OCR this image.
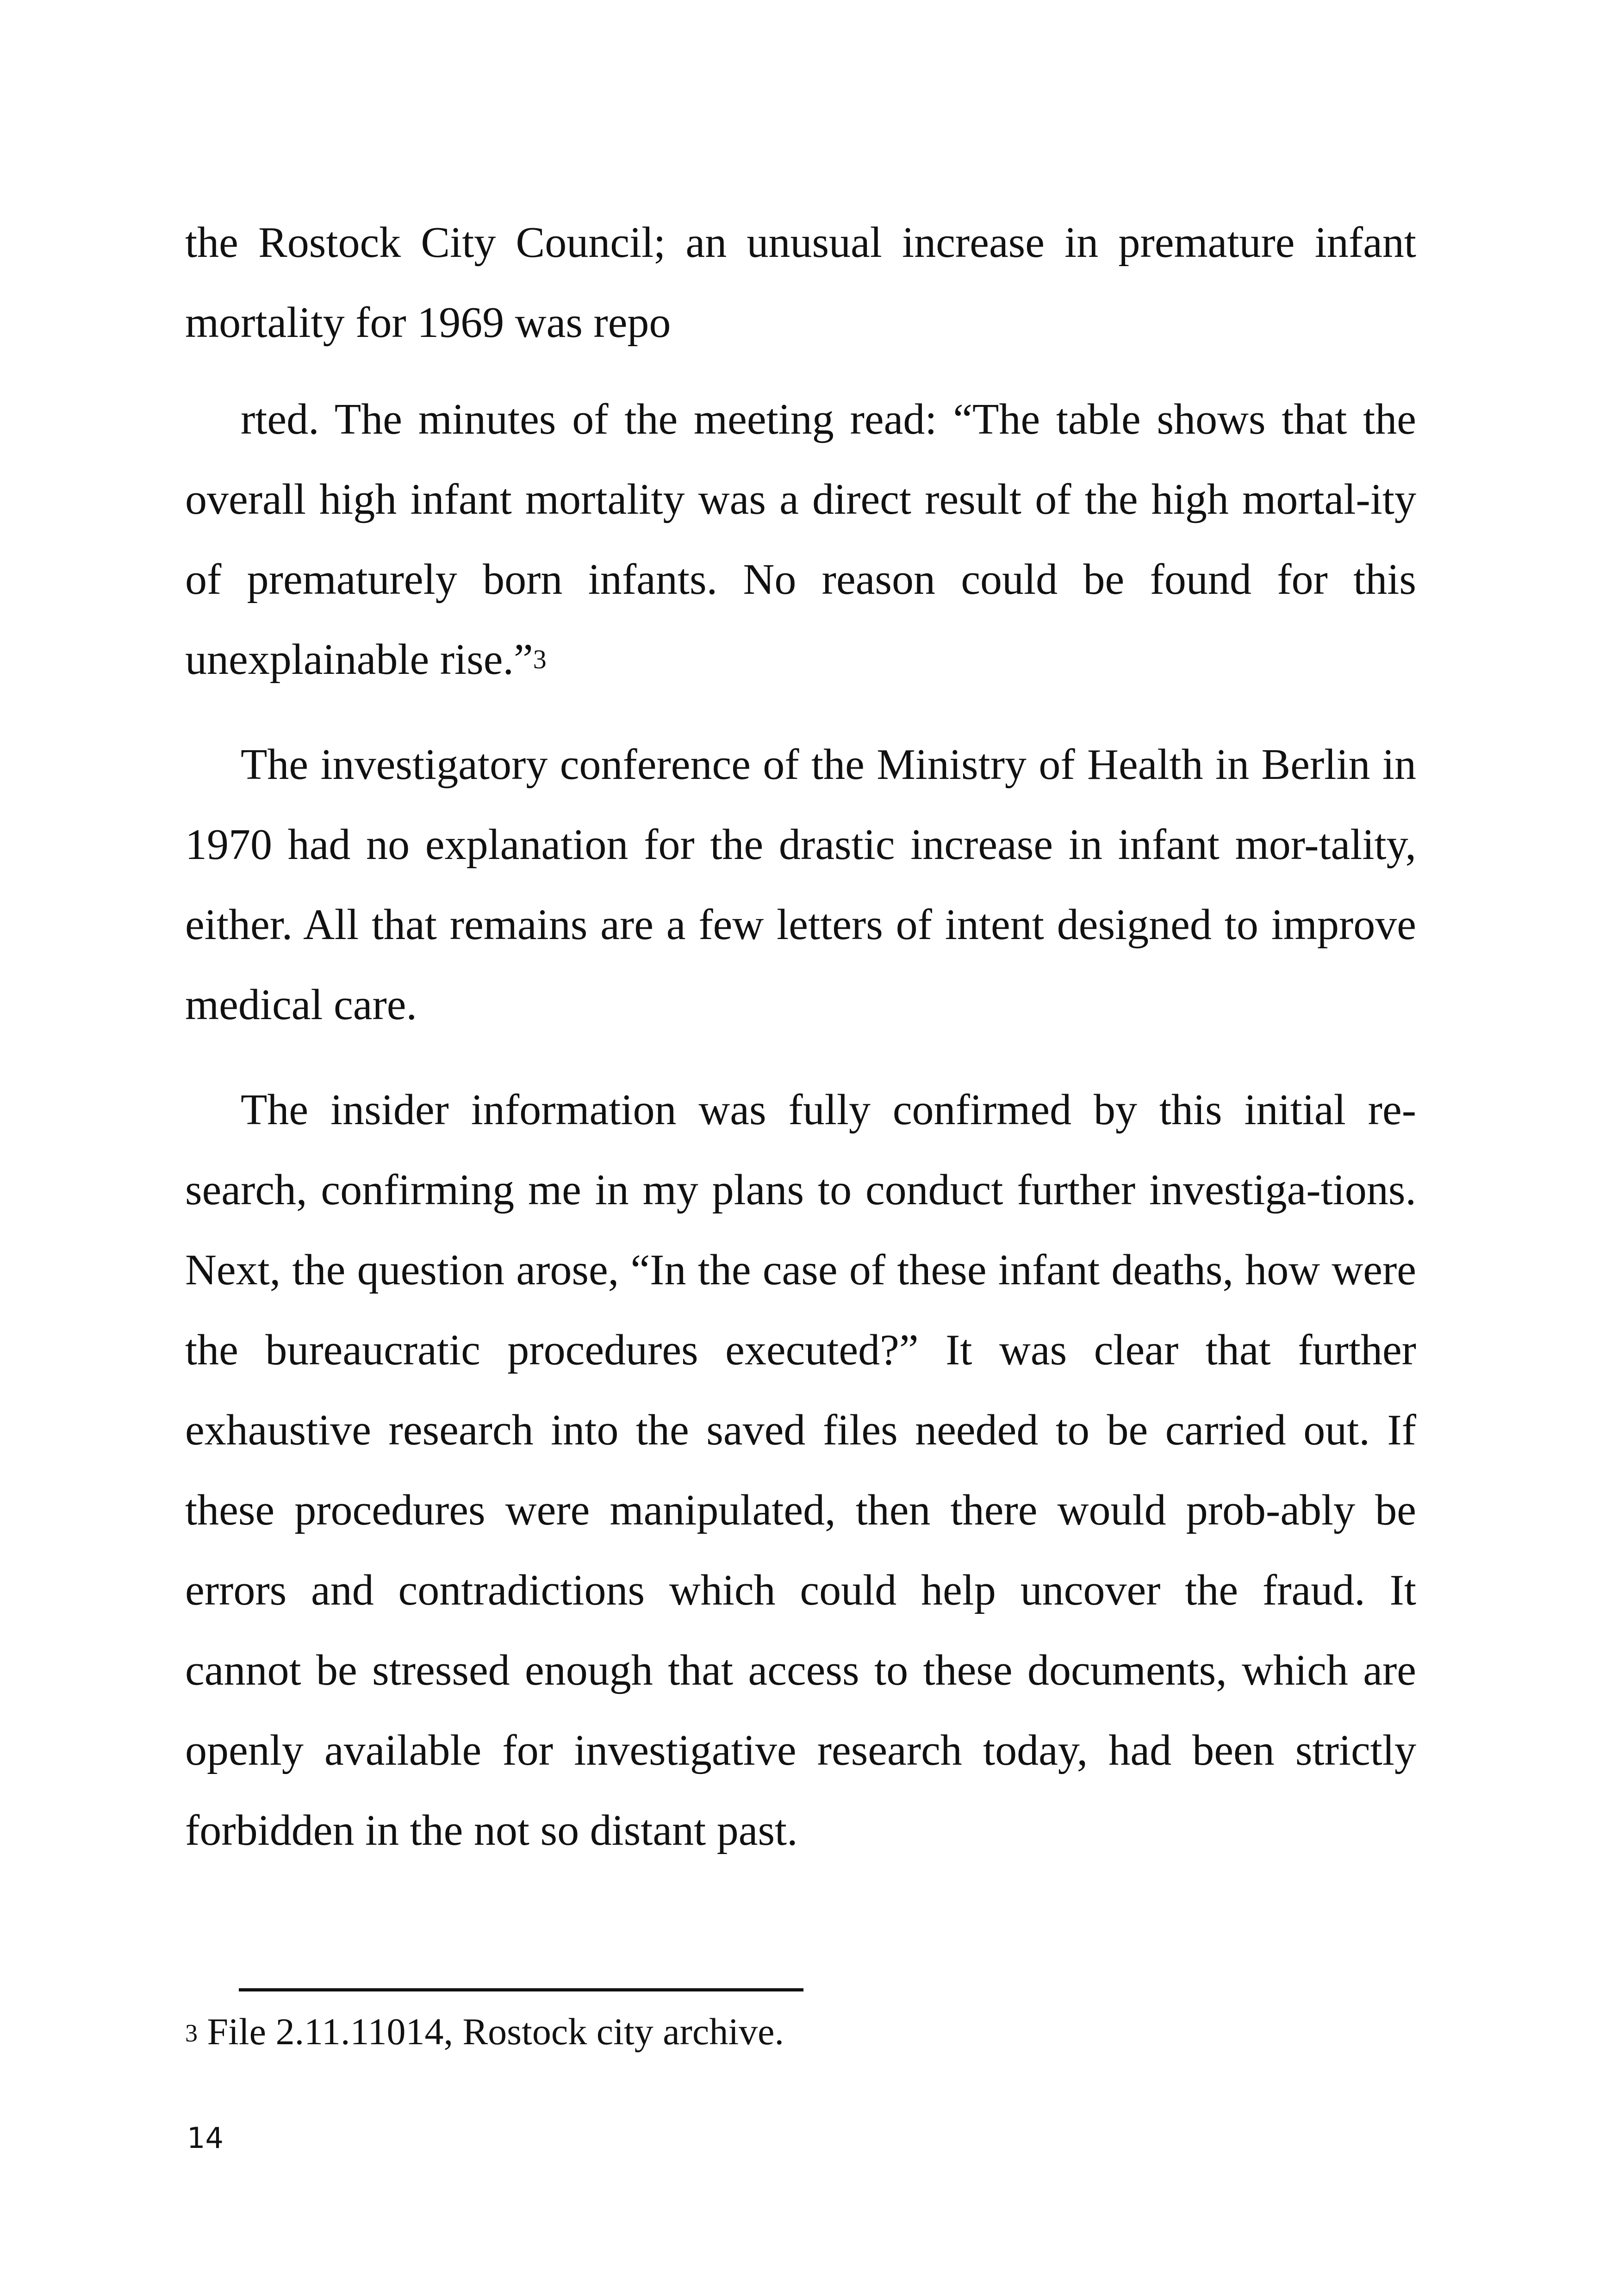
the Rostock City Council; an unusual increase in premature infant mortality for 1969 was repo

rted. The minutes of the meeting read: “The table shows that the overall high infant mortality was a direct result of the high mortal-ity of prematurely born infants. No reason could be found for this unexplainable rise.”$^3$

The investigatory conference of the Ministry of Health in Berlin in 1970 had no explanation for the drastic increase in infant mor-tality, either. All that remains are a few letters of intent designed to improve medical care.

The insider information was fully confirmed by this initial re-search, confirming me in my plans to conduct further investiga-tions. Next, the question arose, “In the case of these infant deaths, how were the bureaucratic procedures executed?” It was clear that further exhaustive research into the saved files needed to be carried out. If these procedures were manipulated, then there would prob-ably be errors and contradictions which could help uncover the fraud. It cannot be stressed enough that access to these documents, which are openly available for investigative research today, had been strictly forbidden in the not so distant past.

$^3$ File 2.11.11014, Rostock city archive.
14
